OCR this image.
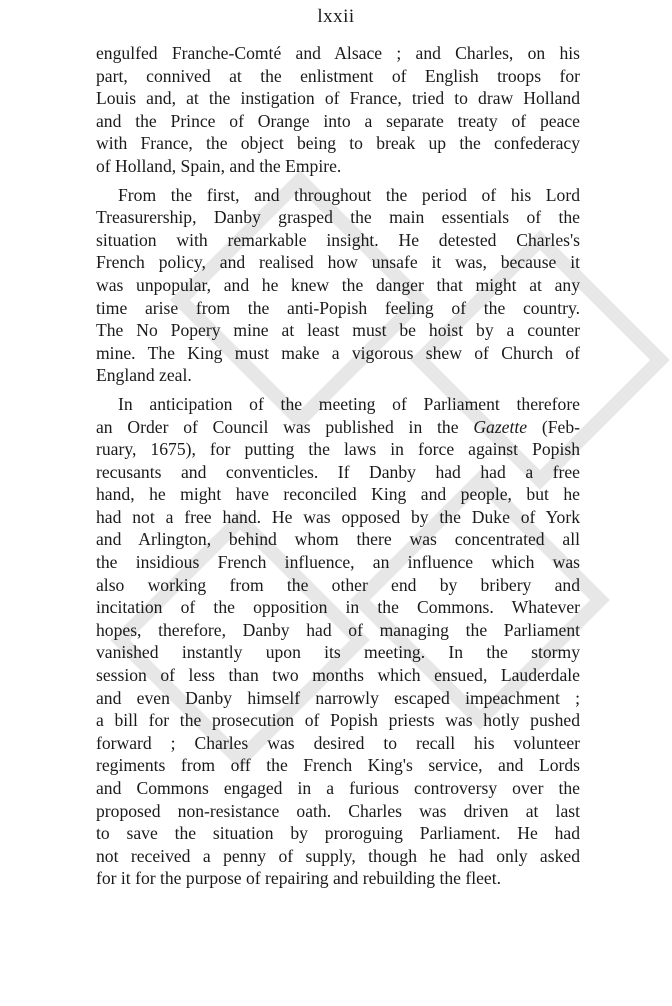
lxxii
engulfed Franche-Comté and Alsace ; and Charles, on his
part, connived at the enlistment of English troops for
Louis and, at the instigation of France, tried to draw Holland
and the Prince of Orange into a separate treaty of peace
with France, the object being to break up the confederacy
of Holland, Spain, and the Empire.
From the first, and throughout the period of his Lord
Treasurership, Danby grasped the main essentials of the
situation with remarkable insight. He detested Charles's
French policy, and realised how unsafe it was, because it
was unpopular, and he knew the danger that might at any
time arise from the anti-Popish feeling of the country.
The No Popery mine at least must be hoist by a counter
mine. The King must make a vigorous shew of Church of
England zeal.
In anticipation of the meeting of Parliament therefore
an Order of Council was published in the Gazette (Feb-
ruary, 1675), for putting the laws in force against Popish
recusants and conventicles. If Danby had had a free
hand, he might have reconciled King and people, but he
had not a free hand. He was opposed by the Duke of York
and Arlington, behind whom there was concentrated all
the insidious French influence, an influence which was
also working from the other end by bribery and
incitation of the opposition in the Commons. Whatever
hopes, therefore, Danby had of managing the Parliament
vanished instantly upon its meeting. In the stormy
session of less than two months which ensued, Lauderdale
and even Danby himself narrowly escaped impeachment ;
a bill for the prosecution of Popish priests was hotly pushed
forward ; Charles was desired to recall his volunteer
regiments from off the French King's service, and Lords
and Commons engaged in a furious controversy over the
proposed non-resistance oath. Charles was driven at last
to save the situation by proroguing Parliament. He had
not received a penny of supply, though he had only asked
for it for the purpose of repairing and rebuilding the fleet.
